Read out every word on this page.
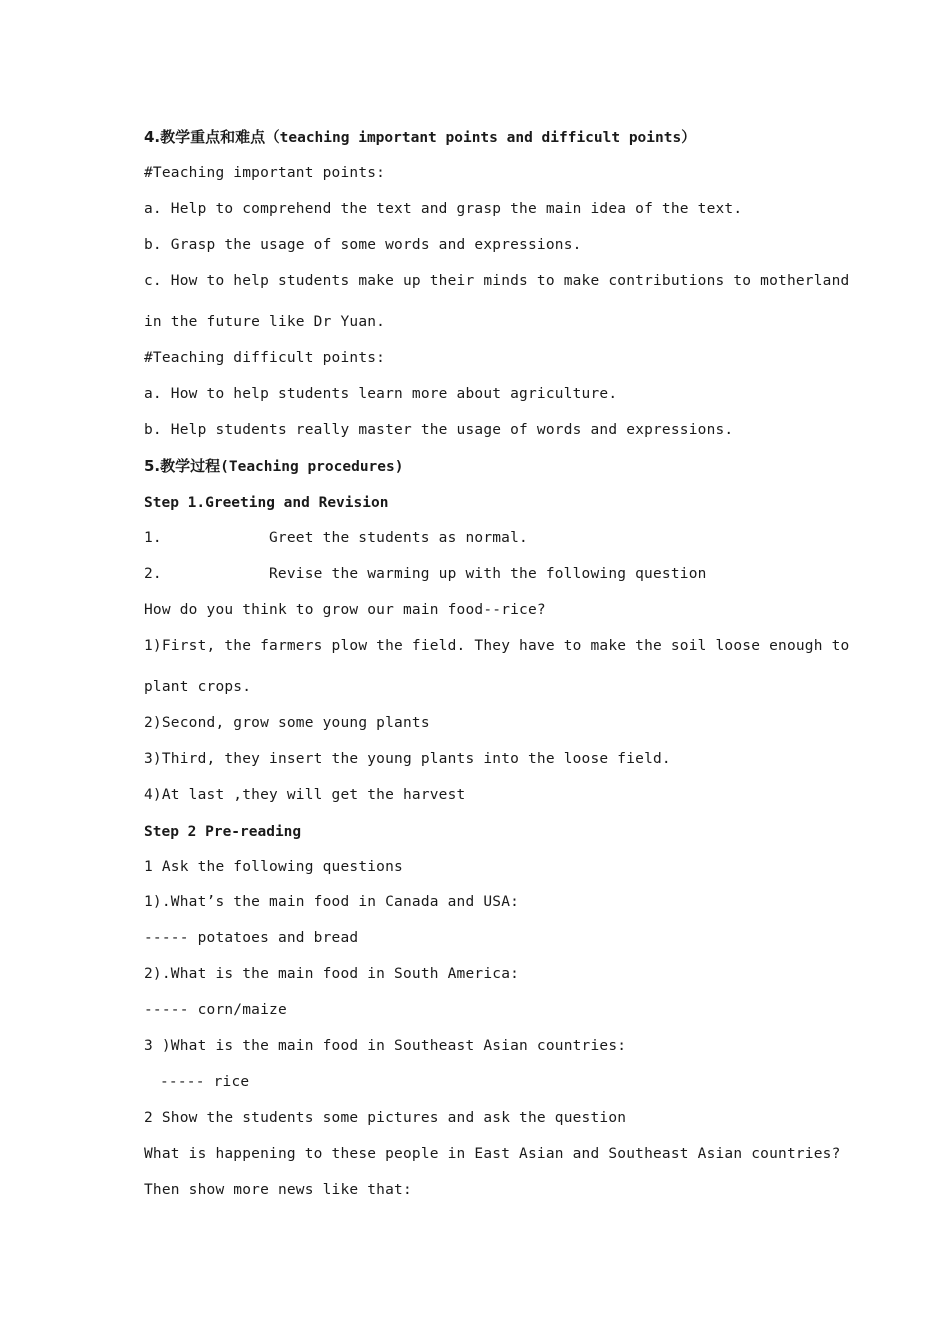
4.教学重点和难点（teaching important points and difficult points）
#Teaching important points:
a. Help to comprehend the text and grasp the main idea of the text.
b. Grasp the usage of some words and expressions.
c. How to help students make up their minds to make contributions to motherland
in the future like Dr Yuan.
#Teaching difficult points:
a. How to help students learn more about agriculture.
b. Help students really master the usage of words and expressions.
5.教学过程(Teaching procedures)
Step 1.Greeting and Revision
1.	Greet the students as normal.
2.	Revise the warming up with the following question
How do you think to grow our main food--rice?
1)First, the farmers plow the field. They have to make the soil loose enough to
plant crops.
2)Second, grow some young plants
3)Third, they insert the young plants into the loose field.
4)At last ,they will get the harvest
Step 2 Pre-reading
1 Ask the following questions
1).What’s the main food in Canada and USA:
----- potatoes and bread
2).What is the main food in South America:
----- corn/maize
3 )What is the main food in Southeast Asian countries:
----- rice
2 Show the students some pictures and ask the question
What is happening to these people in East Asian and Southeast Asian countries?
Then show more news like that:
